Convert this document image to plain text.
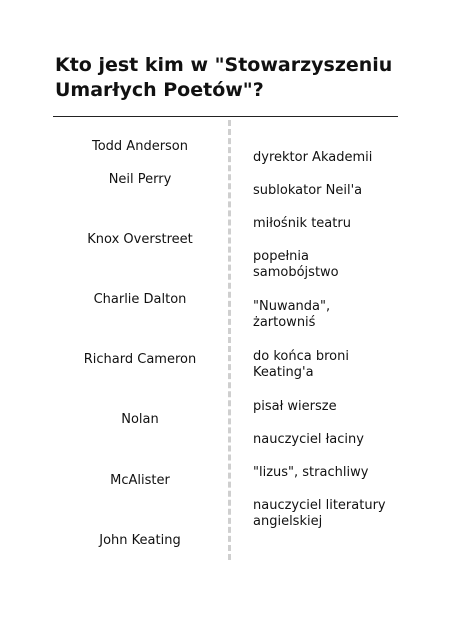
Kto jest kim w "Stowarzyszeniu
Umarłych Poetów"?
Todd Anderson
Neil Perry
Knox Overstreet
Charlie Dalton
Richard Cameron
Nolan
McAlister
John Keating
dyrektor Akademii
sublokator Neil'a
miłośnik teatru
popełnia samobójstwo
"Nuwanda", żartowniś
do końca broni Keating'a
pisał wiersze
nauczyciel łaciny
"lizus", strachliwy
nauczyciel literatury angielskiej
